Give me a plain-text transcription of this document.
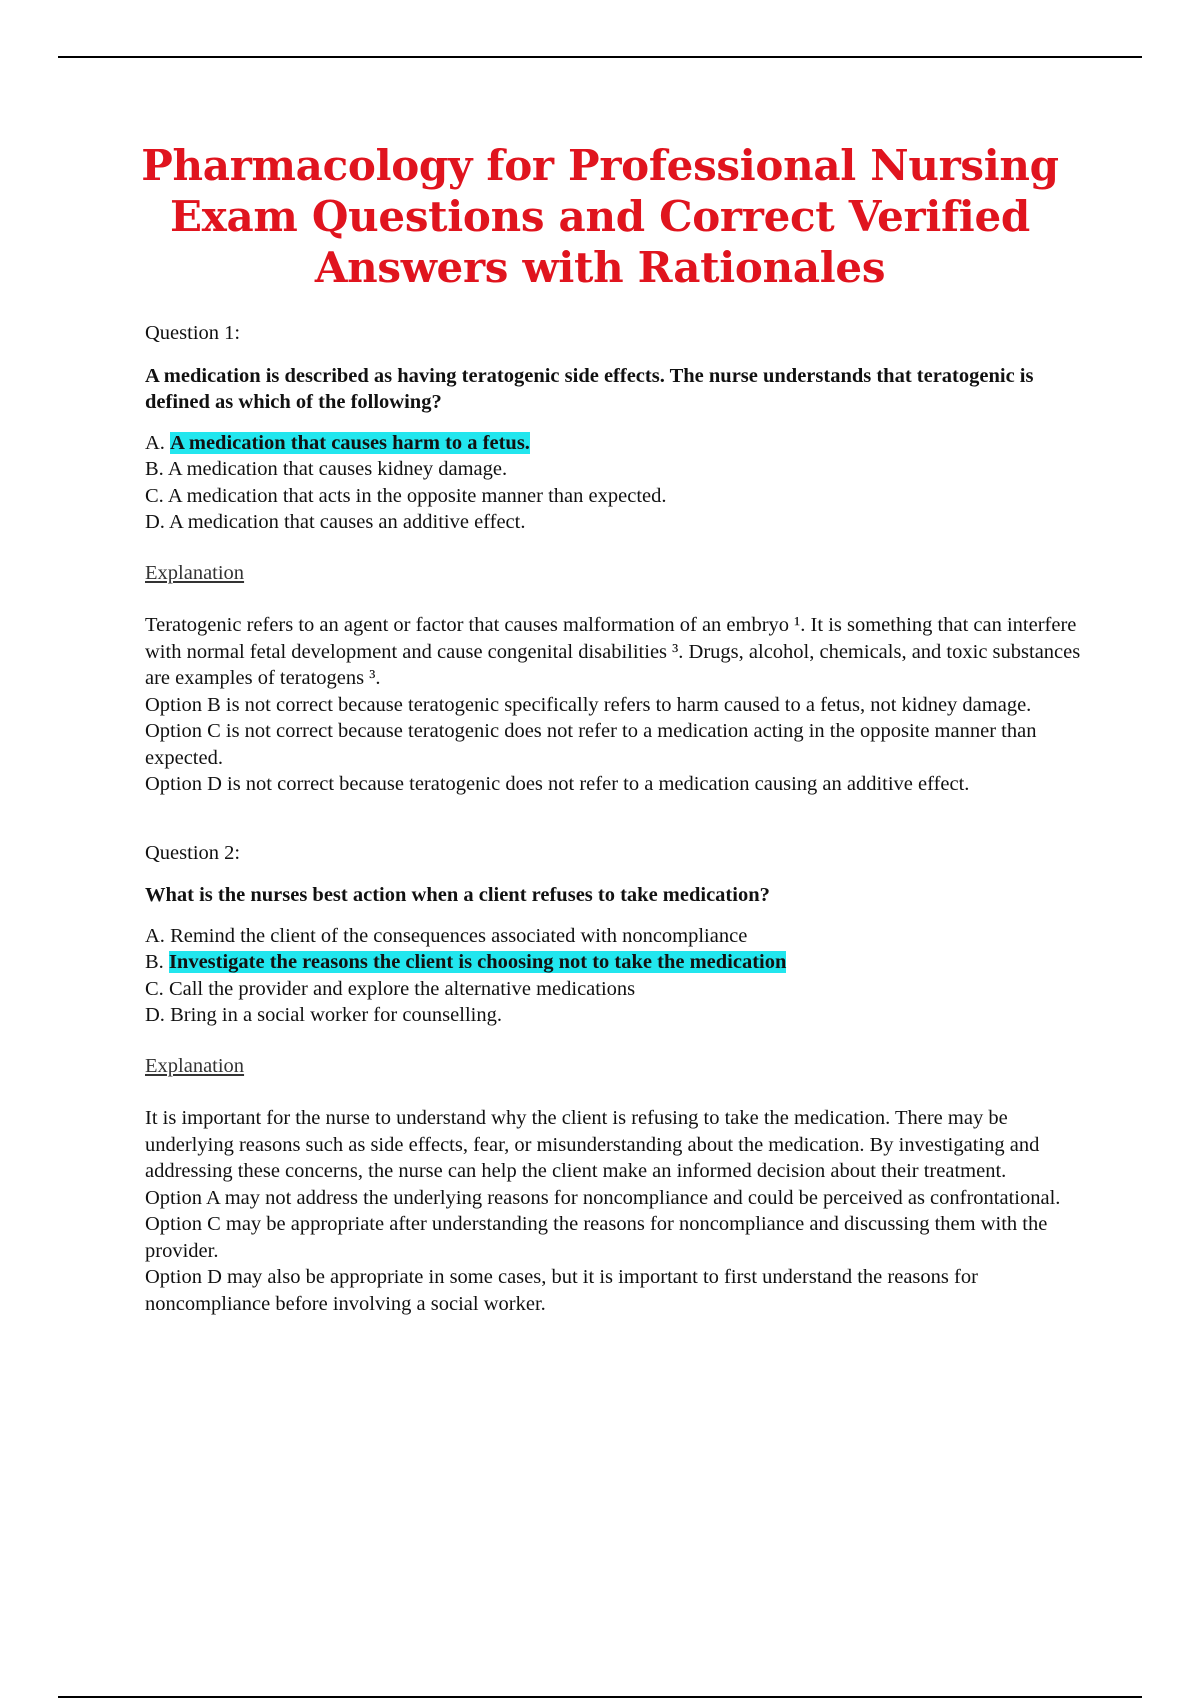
Pharmacology for Professional Nursing Exam Questions and Correct Verified Answers with Rationales

Question 1:

A medication is described as having teratogenic side effects. The nurse understands that teratogenic is defined as which of the following?

A. A medication that causes harm to a fetus.
B. A medication that causes kidney damage.
C. A medication that acts in the opposite manner than expected.
D. A medication that causes an additive effect.
Explanation

Teratogenic refers to an agent or factor that causes malformation of an embryo ¹. It is something that can interfere with normal fetal development and cause congenital disabilities ³. Drugs, alcohol, chemicals, and toxic substances are examples of teratogens ³.

Option B is not correct because teratogenic specifically refers to harm caused to a fetus, not kidney damage.

Option C is not correct because teratogenic does not refer to a medication acting in the opposite manner than expected.

Option D is not correct because teratogenic does not refer to a medication causing an additive effect.

Question 2:

What is the nurses best action when a client refuses to take medication?

A. Remind the client of the consequences associated with noncompliance
B. Investigate the reasons the client is choosing not to take the medication
C. Call the provider and explore the alternative medications
D. Bring in a social worker for counselling.
Explanation

It is important for the nurse to understand why the client is refusing to take the medication. There may be underlying reasons such as side effects, fear, or misunderstanding about the medication. By investigating and addressing these concerns, the nurse can help the client make an informed decision about their treatment.

Option A may not address the underlying reasons for noncompliance and could be perceived as confrontational.

Option C may be appropriate after understanding the reasons for noncompliance and discussing them with the provider.

Option D may also be appropriate in some cases, but it is important to first understand the reasons for noncompliance before involving a social worker.
